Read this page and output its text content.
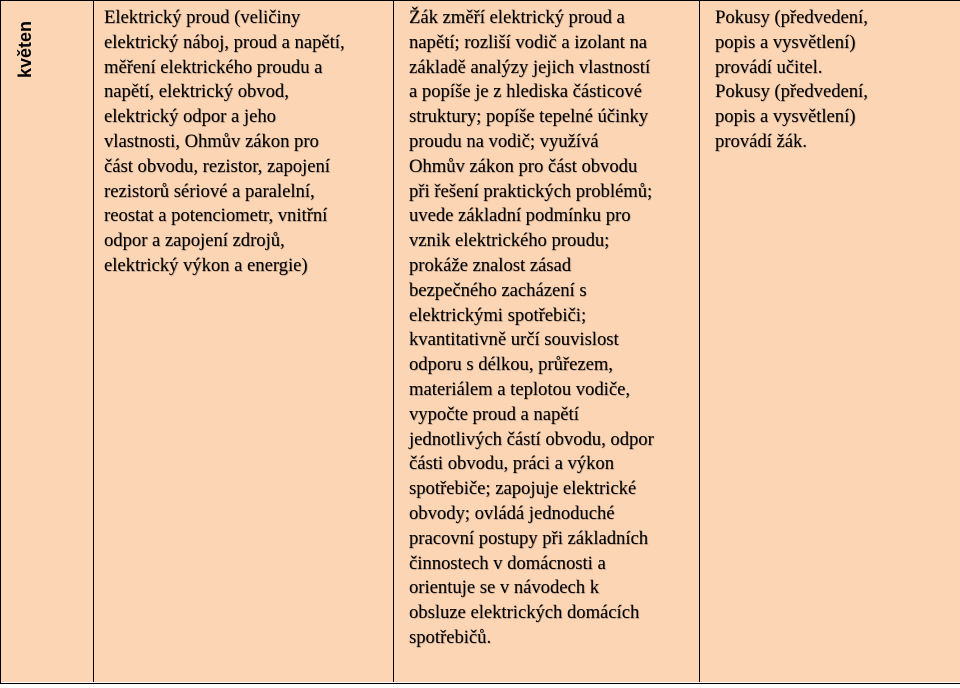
květen
Elektrický proud (veličiny
elektrický náboj, proud a napětí,
měření elektrického proudu a
napětí, elektrický obvod,
elektrický odpor a jeho
vlastnosti, Ohmův zákon pro
část obvodu, rezistor, zapojení
rezistorů sériové a paralelní,
reostat a potenciometr, vnitřní
odpor a zapojení zdrojů,
elektrický výkon a energie)
Žák změří elektrický proud a
napětí; rozliší vodič a izolant na
základě analýzy jejich vlastností
a popíše je z hlediska částicové
struktury; popíše tepelné účinky
proudu na vodič; využívá
Ohmův zákon pro část obvodu
při řešení praktických problémů;
uvede základní podmínku pro
vznik elektrického proudu;
prokáže znalost zásad
bezpečného zacházení s
elektrickými spotřebiči;
kvantitativně určí souvislost
odporu s délkou, průřezem,
materiálem a teplotou vodiče,
vypočte proud a napětí
jednotlivých částí obvodu, odpor
části obvodu, práci a výkon
spotřebiče; zapojuje elektrické
obvody; ovládá jednoduché
pracovní postupy při základních
činnostech v domácnosti a
orientuje se v návodech k
obsluze elektrických domácích
spotřebičů.
Pokusy (předvedení,
popis a vysvětlení)
provádí učitel.
Pokusy (předvedení,
popis a vysvětlení)
provádí žák.
